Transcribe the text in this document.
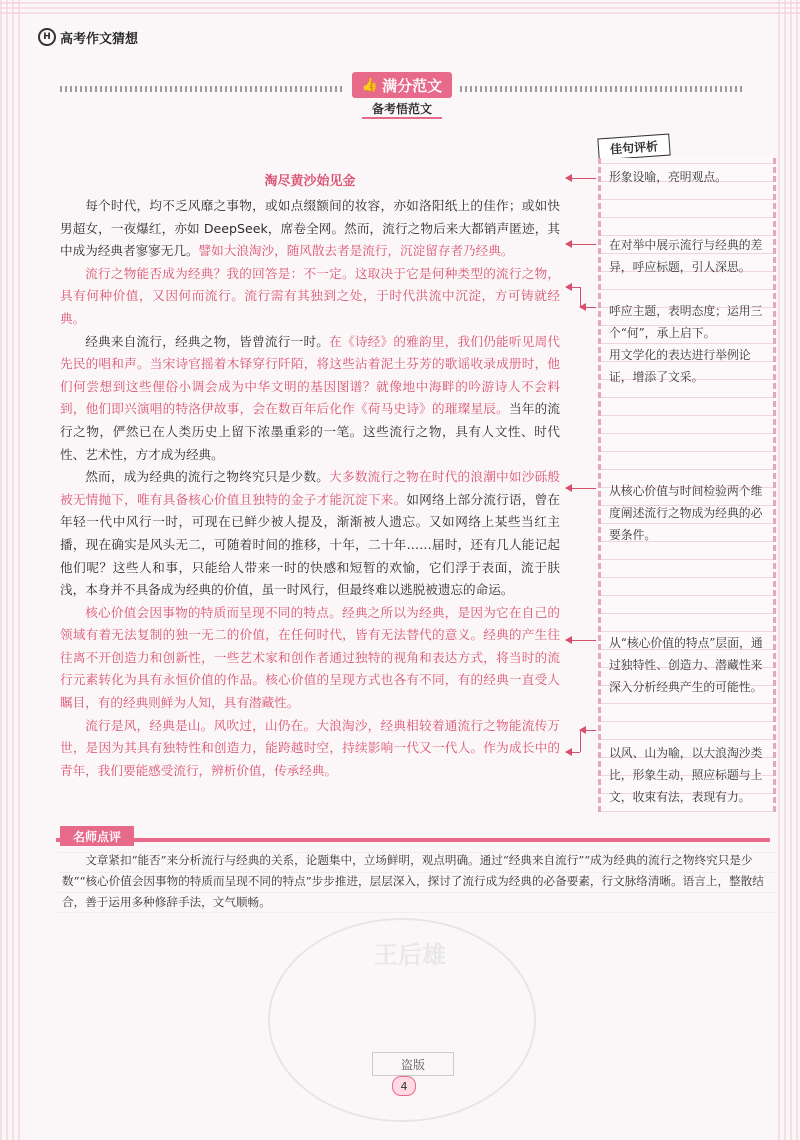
H 高考作文猜想
👍 满分范文
备考悟范文
佳句评析
淘尽黄沙始见金

每个时代，均不乏风靡之事物，或如点缀额间的妆容，亦如洛阳纸上的佳作；或如快男超女，一夜爆红，亦如 DeepSeek，席卷全网。然而，流行之物后来大都销声匿迹，其中成为经典者寥寥无几。譬如大浪淘沙，随风散去者是流行，沉淀留存者乃经典。

流行之物能否成为经典？我的回答是：不一定。这取决于它是何种类型的流行之物，具有何种价值，又因何而流行。流行需有其独到之处，于时代洪流中沉淀，方可铸就经典。

经典来自流行，经典之物，皆曾流行一时。在《诗经》的雅韵里，我们仍能听见周代先民的唱和声。当宋诗官摇着木铎穿行阡陌，将这些沾着泥土芬芳的歌谣收录成册时，他们何尝想到这些俚俗小调会成为中华文明的基因图谱？就像地中海畔的吟游诗人不会料到，他们即兴演唱的特洛伊故事，会在数百年后化作《荷马史诗》的璀璨星辰。当年的流行之物，俨然已在人类历史上留下浓墨重彩的一笔。这些流行之物，具有人文性、时代性、艺术性，方才成为经典。

然而，成为经典的流行之物终究只是少数。大多数流行之物在时代的浪潮中如沙砾般被无情抛下，唯有具备核心价值且独特的金子才能沉淀下来。如网络上部分流行语，曾在年轻一代中风行一时，可现在已鲜少被人提及，渐渐被人遗忘。又如网络上某些当红主播，现在确实是风头无二，可随着时间的推移，十年，二十年……届时，还有几人能记起他们呢？这些人和事，只能给人带来一时的快感和短暂的欢愉，它们浮于表面，流于肤浅，本身并不具备成为经典的价值，虽一时风行，但最终难以逃脱被遗忘的命运。

核心价值会因事物的特质而呈现不同的特点。经典之所以为经典，是因为它在自己的领域有着无法复制的独一无二的价值，在任何时代，皆有无法替代的意义。经典的产生往往离不开创造力和创新性，一些艺术家和创作者通过独特的视角和表达方式，将当时的流行元素转化为具有永恒价值的作品。核心价值的呈现方式也各有不同，有的经典一直受人瞩目，有的经典则鲜为人知，具有潜藏性。

流行是风，经典是山。风吹过，山仍在。大浪淘沙，经典相较着通流行之物能流传万世，是因为其具有独特性和创造力，能跨越时空，持续影响一代又一代人。作为成长中的青年，我们要能感受流行，辨析价值，传承经典。

形象设喻，亮明观点。
在对举中展示流行与经典的差异，呼应标题，引人深思。
呼应主题，表明态度；运用三个“何”，承上启下。
用文学化的表达进行举例论证，增添了文采。
从核心价值与时间检验两个维度阐述流行之物成为经典的必要条件。
从“核心价值的特点”层面，通过独特性、创造力、潜藏性来深入分析经典产生的可能性。
以风、山为喻，以大浪淘沙类比，形象生动，照应标题与上文，收束有法，表现有力。
名师点评

文章紧扣“能否”来分析流行与经典的关系，论题集中，立场鲜明，观点明确。通过“经典来自流行”“成为经典的流行之物终究只是少数”“核心价值会因事物的特质而呈现不同的特点”步步推进，层层深入，探讨了流行成为经典的必备要素，行文脉络清晰。语言上，整散结合，善于运用多种修辞手法，文气顺畅。

王后雄
盗版
4
